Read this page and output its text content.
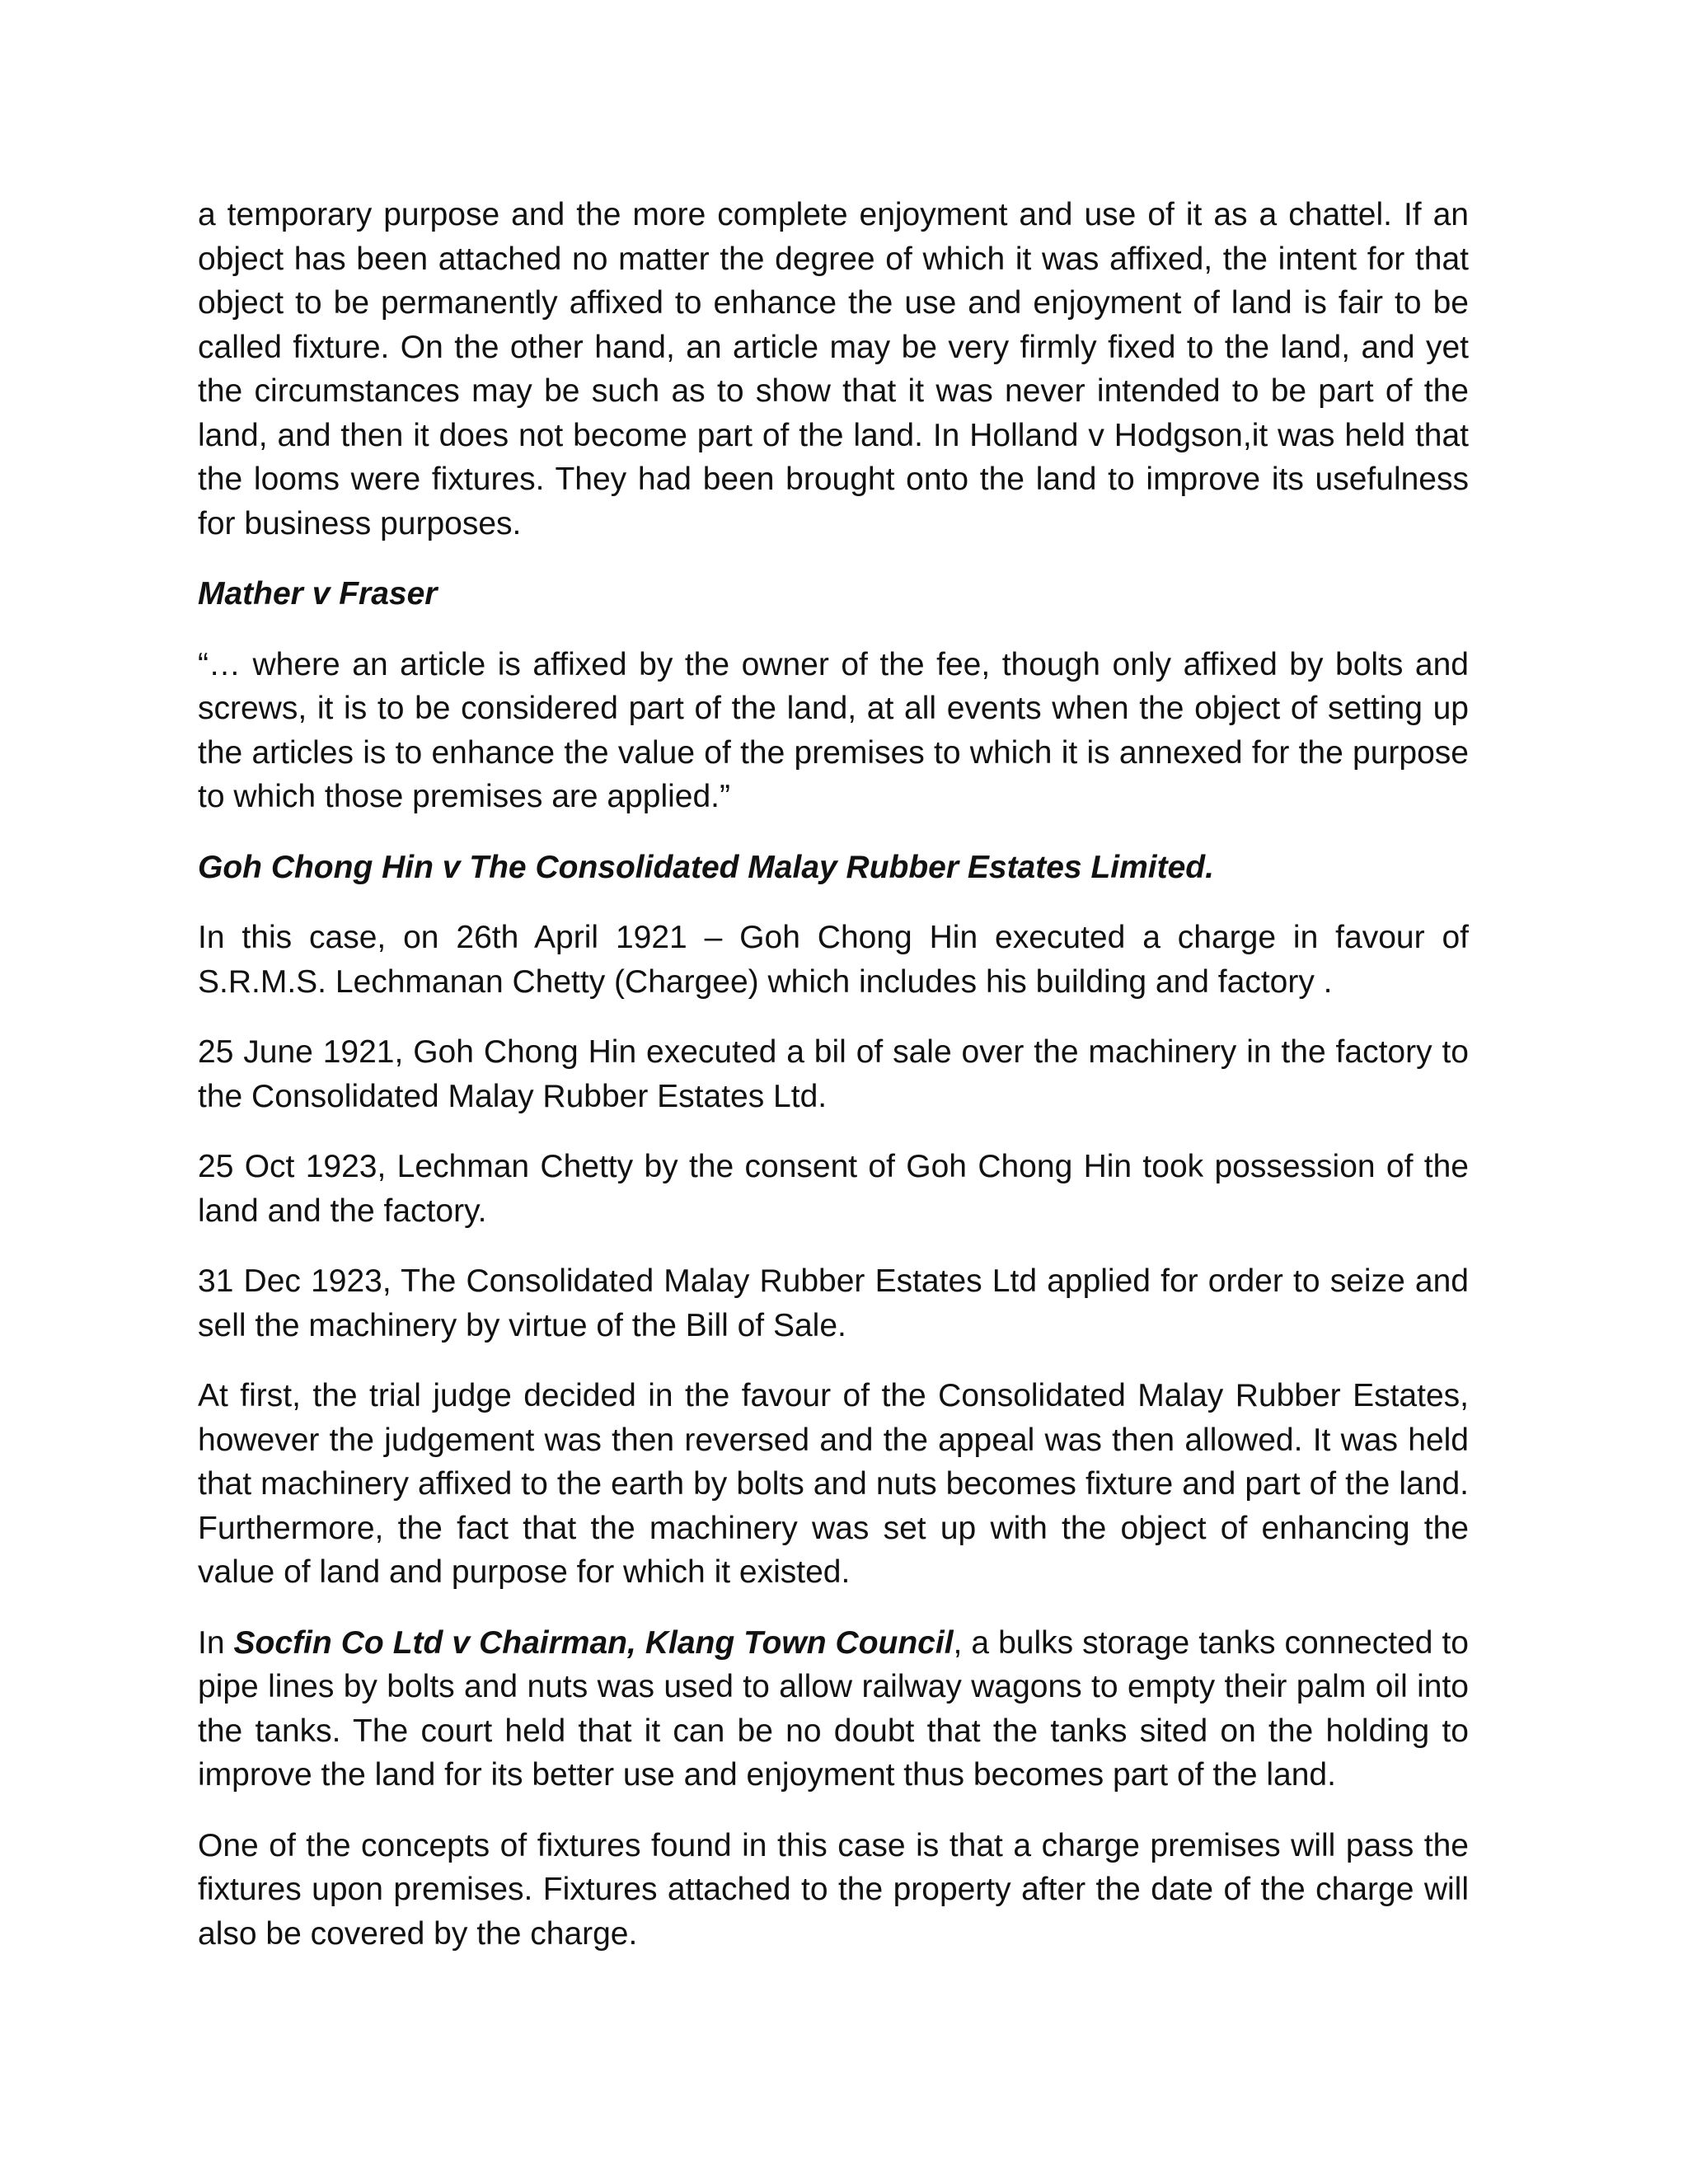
a temporary purpose and the more complete enjoyment and use of it as a chattel. If an object has been attached no matter the degree of which it was affixed, the intent for that object to be permanently affixed to enhance the use and enjoyment of land is fair to be called fixture. On the other hand, an article may be very firmly fixed to the land, and yet the circumstances may be such as to show that it was never intended to be part of the land, and then it does not become part of the land. In Holland v Hodgson,it was held that the looms were fixtures. They had been brought onto the land to improve its usefulness for business purposes.

Mather v Fraser

“… where an article is affixed by the owner of the fee, though only affixed by bolts and screws, it is to be considered part of the land, at all events when the object of setting up the articles is to enhance the value of the premises to which it is annexed for the purpose to which those premises are applied.”

Goh Chong Hin v The Consolidated Malay Rubber Estates Limited.

In this case, on 26th April 1921 – Goh Chong Hin executed a charge in favour of S.R.M.S. Lechmanan Chetty (Chargee) which includes his building and factory .

25 June 1921, Goh Chong Hin executed a bil of sale over the machinery in the factory to the Consolidated Malay Rubber Estates Ltd.

25 Oct 1923, Lechman Chetty by the consent of Goh Chong Hin took possession of the land and the factory.

31 Dec 1923, The Consolidated Malay Rubber Estates Ltd applied for order to seize and sell the machinery by virtue of the Bill of Sale.

At first, the trial judge decided in the favour of the Consolidated Malay Rubber Estates, however the judgement was then reversed and the appeal was then allowed. It was held that machinery affixed to the earth by bolts and nuts becomes fixture and part of the land. Furthermore, the fact that the machinery was set up with the object of enhancing the value of land and purpose for which it existed.

In Socfin Co Ltd v Chairman, Klang Town Council, a bulks storage tanks connected to pipe lines by bolts and nuts was used to allow railway wagons to empty their palm oil into the tanks. The court held that it can be no doubt that the tanks sited on the holding to improve the land for its better use and enjoyment thus becomes part of the land.

One of the concepts of fixtures found in this case is that a charge premises will pass the fixtures upon premises. Fixtures attached to the property after the date of the charge will also be covered by the charge.
